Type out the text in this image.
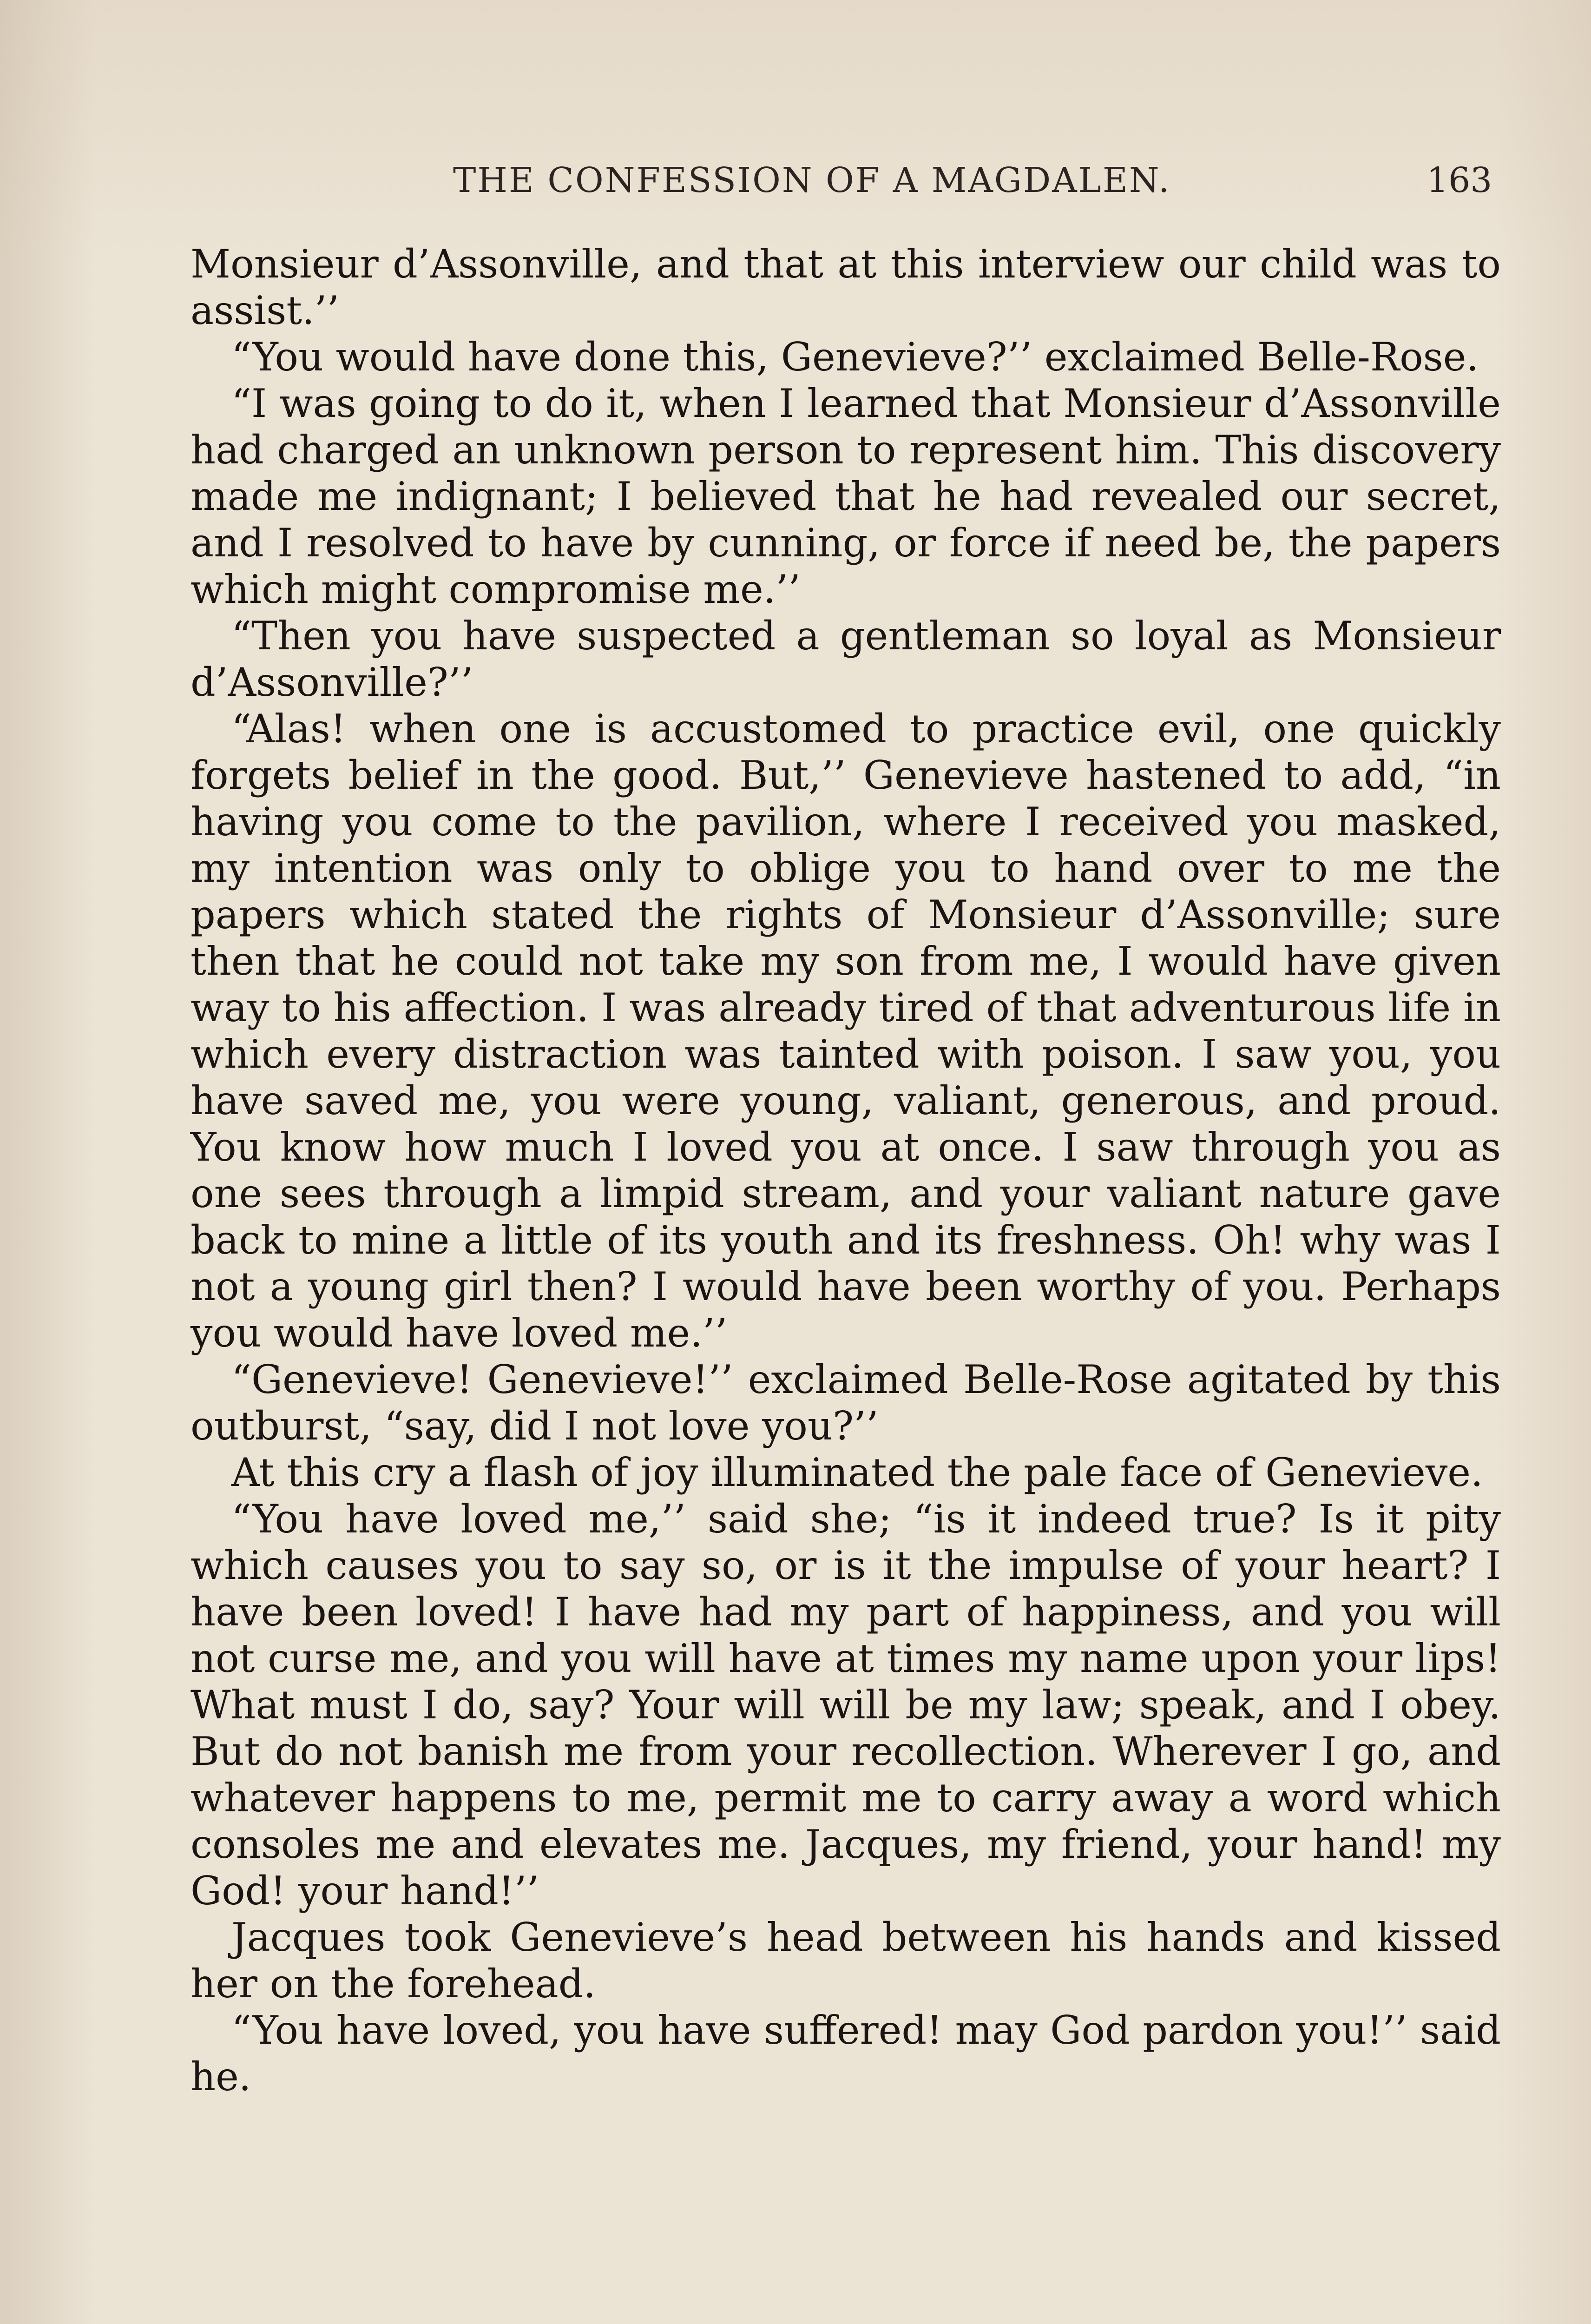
THE CONFESSION OF A MAGDALEN.	163

Monsieur d’Assonville, and that at this interview our child was to assist.’’

“You would have done this, Genevieve?’’ exclaimed Belle-Rose.

“I was going to do it, when I learned that Monsieur d’Assonville had charged an unknown person to represent him. This discovery made me indignant; I believed that he had revealed our secret, and I resolved to have by cunning, or force if need be, the papers which might compromise me.’’

“Then you have suspected a gentleman so loyal as Monsieur d’Assonville?’’

“Alas! when one is accustomed to practice evil, one quickly forgets belief in the good. But,’’ Genevieve hastened to add, “in having you come to the pavilion, where I received you masked, my intention was only to oblige you to hand over to me the papers which stated the rights of Monsieur d’Assonville; sure then that he could not take my son from me, I would have given way to his affection. I was already tired of that adventurous life in which every distraction was tainted with poison. I saw you, you have saved me, you were young, valiant, generous, and proud. You know how much I loved you at once. I saw through you as one sees through a limpid stream, and your valiant nature gave back to mine a little of its youth and its freshness. Oh! why was I not a young girl then? I would have been worthy of you. Perhaps you would have loved me.’’

“Genevieve! Genevieve!’’ exclaimed Belle-Rose agitated by this outburst, “say, did I not love you?’’

At this cry a flash of joy illuminated the pale face of Genevieve.

“You have loved me,’’ said she; “is it indeed true? Is it pity which causes you to say so, or is it the impulse of your heart? I have been loved! I have had my part of happiness, and you will not curse me, and you will have at times my name upon your lips! What must I do, say? Your will will be my law; speak, and I obey. But do not banish me from your recollection. Wherever I go, and whatever happens to me, permit me to carry away a word which consoles me and elevates me. Jacques, my friend, your hand! my God! your hand!’’

Jacques took Genevieve’s head between his hands and kissed her on the forehead.

“You have loved, you have suffered! may God pardon you!’’ said he.
